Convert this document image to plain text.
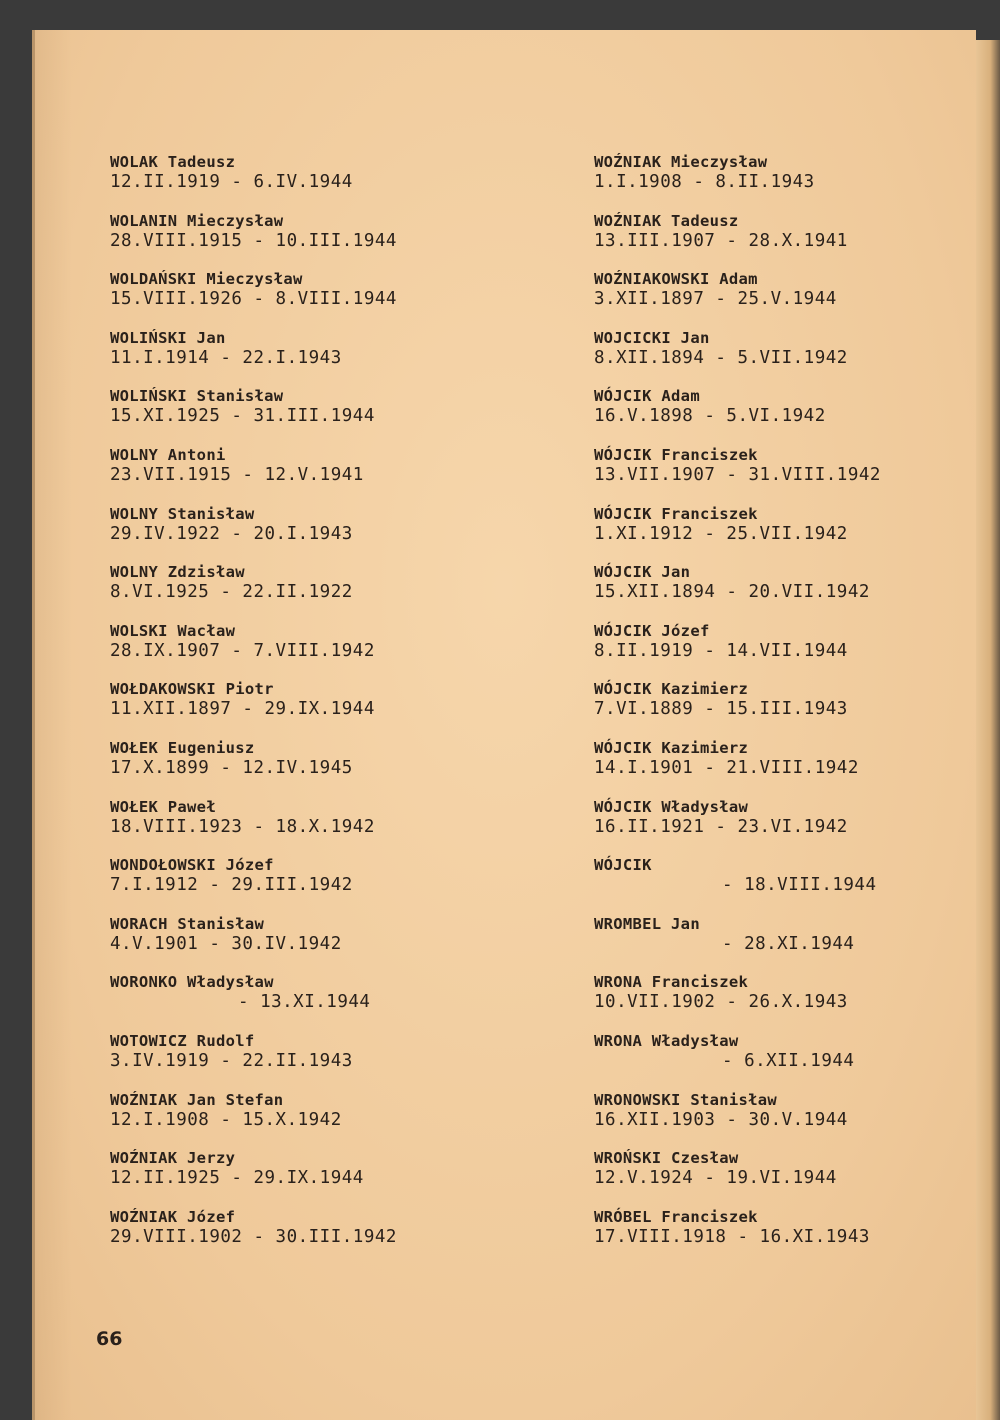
WOLAK Tadeusz
12.II.1919 - 6.IV.1944
WOLANIN Mieczysław
28.VIII.1915 - 10.III.1944
WOLDAŃSKI Mieczysław
15.VIII.1926 - 8.VIII.1944
WOLIŃSKI Jan
11.I.1914 - 22.I.1943
WOLIŃSKI Stanisław
15.XI.1925 - 31.III.1944
WOLNY Antoni
23.VII.1915 - 12.V.1941
WOLNY Stanisław
29.IV.1922 - 20.I.1943
WOLNY Zdzisław
8.VI.1925 - 22.II.1922
WOLSKI Wacław
28.IX.1907 - 7.VIII.1942
WOŁDAKOWSKI Piotr
11.XII.1897 - 29.IX.1944
WOŁEK Eugeniusz
17.X.1899 - 12.IV.1945
WOŁEK Paweł
18.VIII.1923 - 18.X.1942
WONDOŁOWSKI Józef
7.I.1912 - 29.III.1942
WORACH Stanisław
4.V.1901 - 30.IV.1942
WORONKO Władysław
- 13.XI.1944
WOTOWICZ Rudolf
3.IV.1919 - 22.II.1943
WOŹNIAK Jan Stefan
12.I.1908 - 15.X.1942
WOŹNIAK Jerzy
12.II.1925 - 29.IX.1944
WOŹNIAK Józef
29.VIII.1902 - 30.III.1942
WOŹNIAK Mieczysław
1.I.1908 - 8.II.1943
WOŹNIAK Tadeusz
13.III.1907 - 28.X.1941
WOŹNIAKOWSKI Adam
3.XII.1897 - 25.V.1944
WOJCICKI Jan
8.XII.1894 - 5.VII.1942
WÓJCIK Adam
16.V.1898 - 5.VI.1942
WÓJCIK Franciszek
13.VII.1907 - 31.VIII.1942
WÓJCIK Franciszek
1.XI.1912 - 25.VII.1942
WÓJCIK Jan
15.XII.1894 - 20.VII.1942
WÓJCIK Józef
8.II.1919 - 14.VII.1944
WÓJCIK Kazimierz
7.VI.1889 - 15.III.1943
WÓJCIK Kazimierz
14.I.1901 - 21.VIII.1942
WÓJCIK Władysław
16.II.1921 - 23.VI.1942
WÓJCIK
- 18.VIII.1944
WROMBEL Jan
- 28.XI.1944
WRONA Franciszek
10.VII.1902 - 26.X.1943
WRONA Władysław
- 6.XII.1944
WRONOWSKI Stanisław
16.XII.1903 - 30.V.1944
WROŃSKI Czesław
12.V.1924 - 19.VI.1944
WRÓBEL Franciszek
17.VIII.1918 - 16.XI.1943
66
